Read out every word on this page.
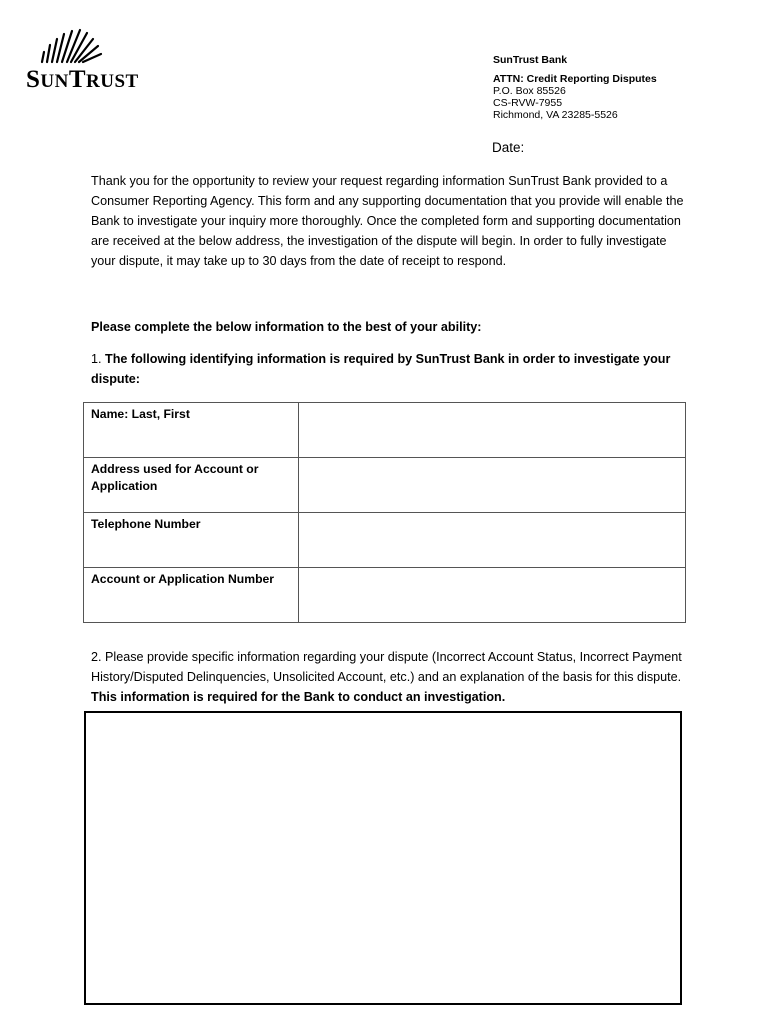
SUNTRUST
SunTrust Bank
ATTN: Credit Reporting Disputes
P.O. Box 85526
CS-RVW-7955
Richmond, VA 23285-5526
Date:
Thank you for the opportunity to review your request regarding information SunTrust Bank provided to a Consumer Reporting Agency. This form and any supporting documentation that you provide will enable the Bank to investigate your inquiry more thoroughly. Once the completed form and supporting documentation are received at the below address, the investigation of the dispute will begin. In order to fully investigate your dispute, it may take up to 30 days from the date of receipt to respond.
Please complete the below information to the best of your ability:
1. The following identifying information is required by SunTrust Bank in order to investigate your dispute:
Name: Last, First	
Address used for Account or Application	
Telephone Number	
Account or Application Number	
2. Please provide specific information regarding your dispute (Incorrect Account Status, Incorrect Payment History/Disputed Delinquencies, Unsolicited Account, etc.) and an explanation of the basis for this dispute. This information is required for the Bank to conduct an investigation.
